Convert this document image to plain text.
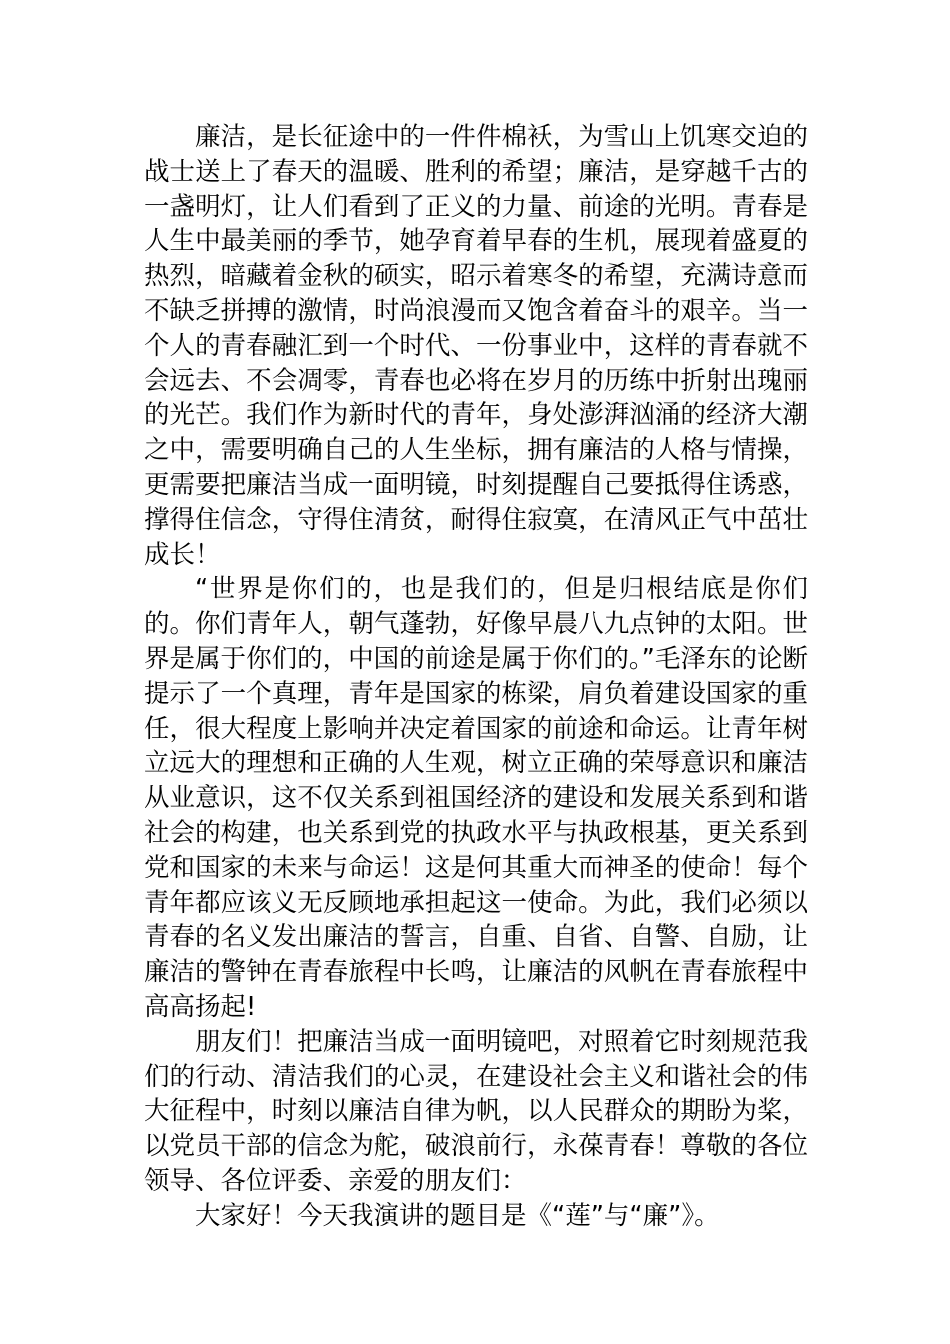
廉洁，是长征途中的一件件棉袄，为雪山上饥寒交迫的战士送上了春天的温暖、胜利的希望；廉洁，是穿越千古的一盏明灯，让人们看到了正义的力量、前途的光明。青春是人生中最美丽的季节，她孕育着早春的生机，展现着盛夏的热烈，暗藏着金秋的硕实，昭示着寒冬的希望，充满诗意而不缺乏拼搏的激情，时尚浪漫而又饱含着奋斗的艰辛。当一个人的青春融汇到一个时代、一份事业中，这样的青春就不会远去、不会凋零，青春也必将在岁月的历练中折射出瑰丽的光芒。我们作为新时代的青年，身处澎湃汹涌的经济大潮之中，需要明确自己的人生坐标，拥有廉洁的人格与情操，更需要把廉洁当成一面明镜，时刻提醒自己要抵得住诱惑，撑得住信念，守得住清贫，耐得住寂寞，在清风正气中茁壮成长！

“世界是你们的，也是我们的，但是归根结底是你们的。你们青年人，朝气蓬勃，好像早晨八九点钟的太阳。世界是属于你们的，中国的前途是属于你们的。”毛泽东的论断提示了一个真理，青年是国家的栋梁，肩负着建设国家的重任，很大程度上影响并决定着国家的前途和命运。让青年树立远大的理想和正确的人生观，树立正确的荣辱意识和廉洁从业意识，这不仅关系到祖国经济的建设和发展关系到和谐社会的构建，也关系到党的执政水平与执政根基，更关系到党和国家的未来与命运！这是何其重大而神圣的使命！每个青年都应该义无反顾地承担起这一使命。为此，我们必须以青春的名义发出廉洁的誓言，自重、自省、自警、自励，让廉洁的警钟在青春旅程中长鸣，让廉洁的风帆在青春旅程中高高扬起!

朋友们！把廉洁当成一面明镜吧，对照着它时刻规范我们的行动、清洁我们的心灵，在建设社会主义和谐社会的伟大征程中，时刻以廉洁自律为帆，以人民群众的期盼为桨，以党员干部的信念为舵，破浪前行，永葆青春！尊敬的各位领导、各位评委、亲爱的朋友们：

大家好！今天我演讲的题目是《“莲”与“廉”》。
